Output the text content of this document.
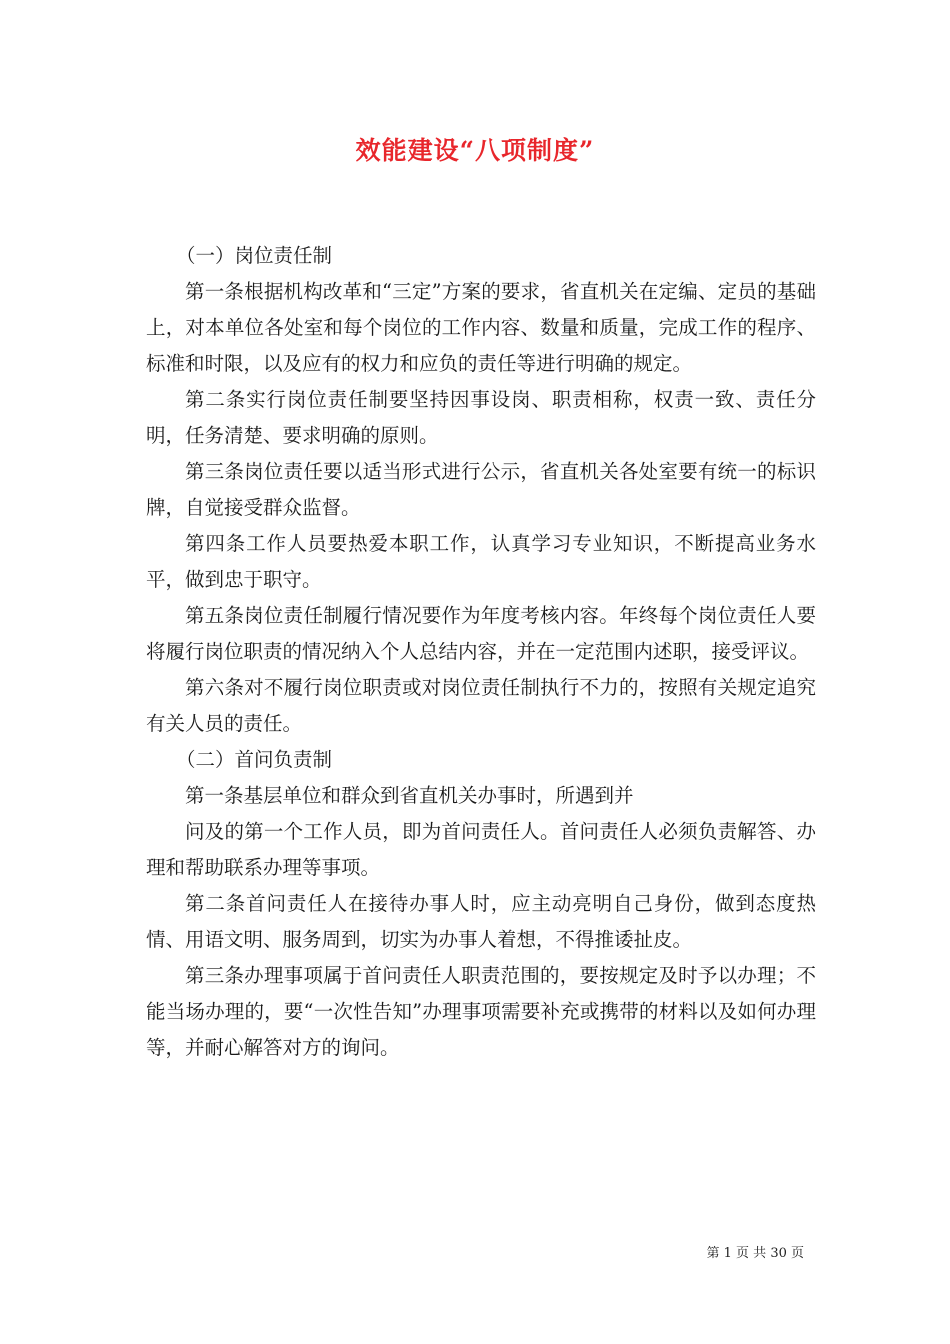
效能建设“八项制度”

（一）岗位责任制

第一条根据机构改革和“三定”方案的要求，省直机关在定编、定员的基础上，对本单位各处室和每个岗位的工作内容、数量和质量，完成工作的程序、标准和时限，以及应有的权力和应负的责任等进行明确的规定。

第二条实行岗位责任制要坚持因事设岗、职责相称，权责一致、责任分明，任务清楚、要求明确的原则。

第三条岗位责任要以适当形式进行公示，省直机关各处室要有统一的标识牌，自觉接受群众监督。

第四条工作人员要热爱本职工作，认真学习专业知识，不断提高业务水平，做到忠于职守。

第五条岗位责任制履行情况要作为年度考核内容。年终每个岗位责任人要将履行岗位职责的情况纳入个人总结内容，并在一定范围内述职，接受评议。

第六条对不履行岗位职责或对岗位责任制执行不力的，按照有关规定追究有关人员的责任。

（二）首问负责制

第一条基层单位和群众到省直机关办事时，所遇到并

问及的第一个工作人员，即为首问责任人。首问责任人必须负责解答、办理和帮助联系办理等事项。

第二条首问责任人在接待办事人时，应主动亮明自己身份，做到态度热情、用语文明、服务周到，切实为办事人着想，不得推诿扯皮。

第三条办理事项属于首问责任人职责范围的，要按规定及时予以办理；不能当场办理的，要“一次性告知”办理事项需要补充或携带的材料以及如何办理等，并耐心解答对方的询问。

第 1 页 共 30 页
